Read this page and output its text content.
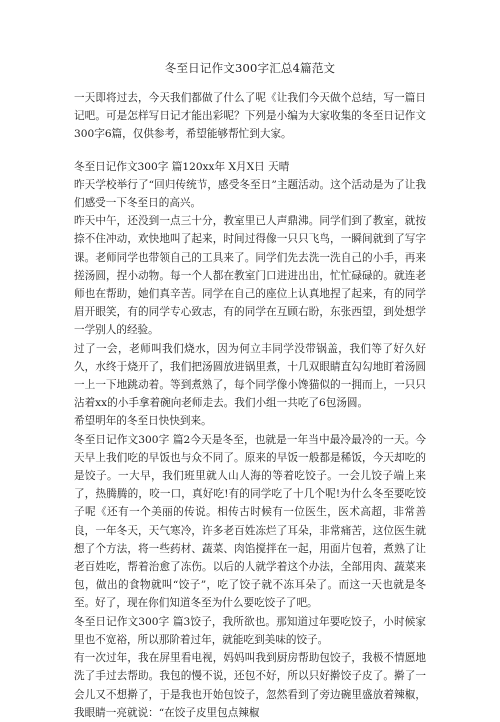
冬至日记作文300字汇总4篇范文

一天即将过去，今天我们都做了什么了呢《让我们今天做个总结，写一篇日记吧。可是怎样写日记才能出彩呢？下列是小编为大家收集的冬至日记作文300字6篇，仅供参考，希望能够帮忙到大家。

冬至日记作文300字 篇120xx年 X月X日 天晴

昨天学校举行了“回归传统节，感受冬至日”主题活动。这个活动是为了让我们感受一下冬至日的高兴。

昨天中午，还没到一点三十分，教室里已人声鼎沸。同学们到了教室，就按捺不住冲动，欢快地叫了起来，时间过得像一只只飞鸟，一瞬间就到了写字课。老师同学也带领自己的工具来了。同学们先去洗一洗自己的小手，再来搓汤圆，捏小动物。每一个人都在教室门口进进出出，忙忙碌碌的。就连老师也在帮助，她们真辛苦。同学在自己的座位上认真地捏了起来，有的同学眉开眼笑，有的同学专心致志，有的同学在互顾右盼，东张西望，到处想学一学别人的经验。

过了一会，老师叫我们烧水，因为何立丰同学没带锅盖，我们等了好久好久，水终于烧开了，我们把汤圆放进锅里煮，十几双眼睛直勾勾地盯着汤圆一上一下地跳动着。等到煮熟了，每个同学像小馋猫似的一拥而上，一只只沾着xx的小手拿着碗向老师走去。我们小组一共吃了6包汤圆。

希望明年的冬至日快快到来。

冬至日记作文300字 篇2今天是冬至，也就是一年当中最冷最冷的一天。今天早上我们吃的早饭也与众不同了。原来的早饭一般都是稀饭，今天却吃的是饺子。一大早，我们班里就人山人海的等着吃饺子。一会儿饺子端上来了，热腾腾的，咬一口，真好吃!有的同学吃了十几个呢!为什么冬至要吃饺子呢《还有一个美丽的传说。相传古时候有一位医生，医术高超，非常善良，一年冬天，天气寒冷，许多老百姓冻烂了耳朵，非常痛苦，这位医生就想了个方法，将一些药材、蔬菜、肉馅搅拌在一起，用面片包着，煮熟了让老百姓吃，帮着治愈了冻伤。以后的人就学着这个办法，全部用肉、蔬菜来包，做出的食物就叫“饺子”，吃了饺子就不冻耳朵了。而这一天也就是冬至。好了，现在你们知道冬至为什么要吃饺子了吧。

冬至日记作文300字 篇3饺子，我所欲也。那知道过年要吃饺子，小时候家里也不宽裕，所以那阶着过年，就能吃到美味的饺子。

有一次过年，我在屏里看电视，妈妈叫我到厨房帮助包饺子，我极不情愿地洗了手过去帮助。我包的慢不说，还包不好，所以只好擀饺子皮了。擀了一会儿又不想擀了，于是我也开始包饺子，忽然看到了旁边碗里盛放着辣椒，我眼睛一亮就说：“在饺子皮里包点辣椒
